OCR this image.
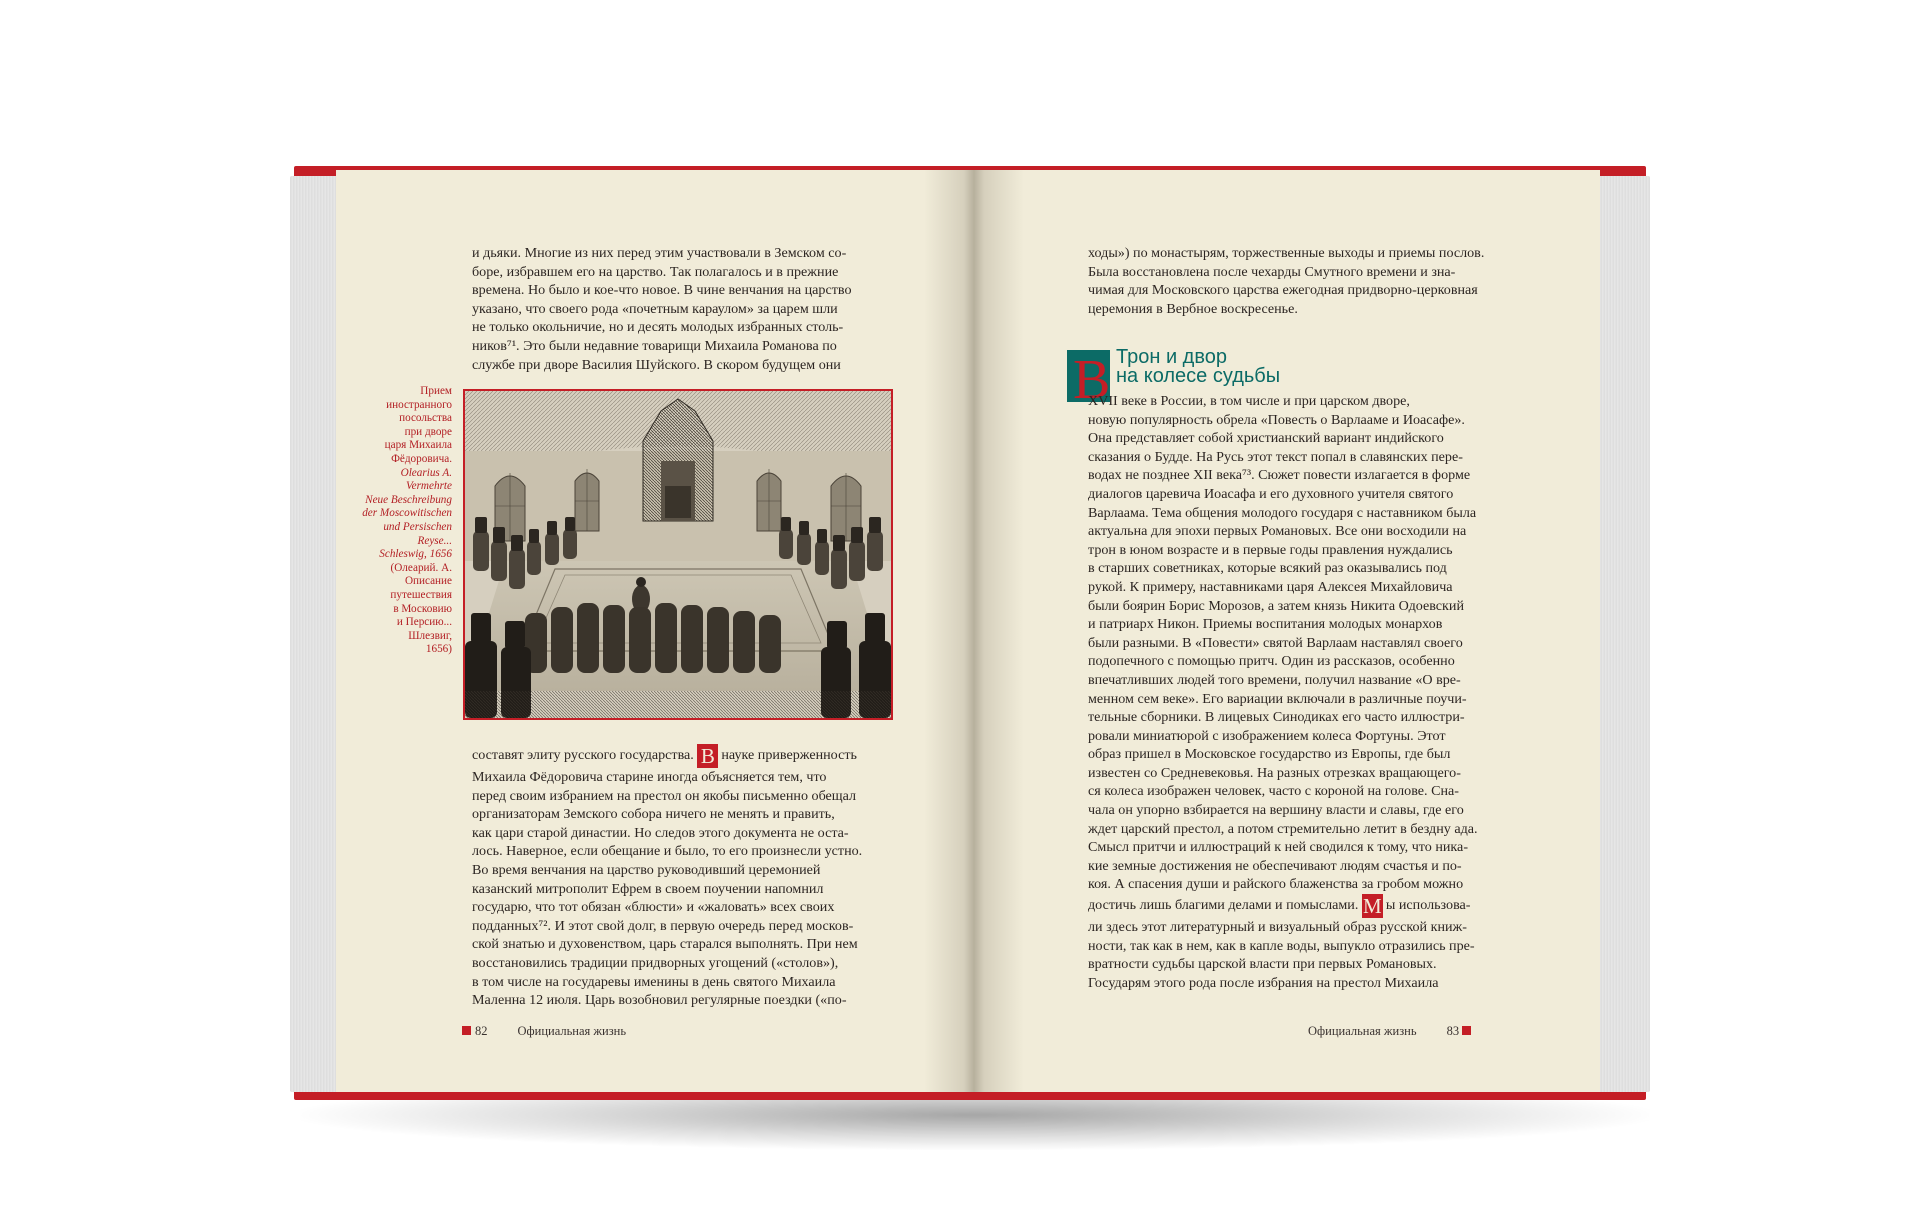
и дьяки. Многие из них перед этим участвовали в Земском со-
боре, избравшем его на царство. Так полагалось и в прежние
времена. Но было и кое-что новое. В чине венчания на царство
указано, что своего рода «почетным караулом» за царем шли
не только окольничие, но и десять молодых избранных столь-
ников⁷¹. Это были недавние товарищи Михаила Романова по
службе при дворе Василия Шуйского. В скором будущем они

Прием
иностранного
посольства
при дворе
царя Михаила
Фёдоровича.
Olearius A.
Vermehrte
Neue Beschreibung
der Moscowitischen
und Persischen
Reyse...
Schleswig, 1656
(Олеарий. А.
Описание
путешествия
в Московию
и Персию...
Шлезвиг,
1656)

составят элиту русского государства. В науке приверженность
Михаила Фёдоровича старине иногда объясняется тем, что
перед своим избранием на престол он якобы письменно обещал
организаторам Земского собора ничего не менять и править,
как цари старой династии. Но следов этого документа не оста-
лось. Наверное, если обещание и было, то его произнесли устно.
Во время венчания на царство руководивший церемонией
казанский митрополит Ефрем в своем поучении напомнил
государю, что тот обязан «блюсти» и «жаловать» всех своих
подданных⁷². И этот свой долг, в первую очередь перед москов-
ской знатью и духовенством, царь старался выполнять. При нем
восстановились традиции придворных угощений («столов»),
в том числе на государевы именины в день святого Михаила
Маленна 12 июля. Царь возобновил регулярные поездки («по-

82 Официальная жизнь

ходы») по монастырям, торжественные выходы и приемы послов.
Была восстановлена после чехарды Смутного времени и зна-
чимая для Московского царства ежегодная придворно-церковная
церемония в Вербное воскресенье.

В Трон и двор
на колесе судьбы

XVII веке в России, в том числе и при царском дворе,
новую популярность обрела «Повесть о Варлааме и Иоасафе».
Она представляет собой христианский вариант индийского
сказания о Будде. На Русь этот текст попал в славянских пере-
водах не позднее XII века⁷³. Сюжет повести излагается в форме
диалогов царевича Иоасафа и его духовного учителя святого
Варлаама. Тема общения молодого государя с наставником была
актуальна для эпохи первых Романовых. Все они восходили на
трон в юном возрасте и в первые годы правления нуждались
в старших советниках, которые всякий раз оказывались под
рукой. К примеру, наставниками царя Алексея Михайловича
были боярин Борис Морозов, а затем князь Никита Одоевский
и патриарх Никон. Приемы воспитания молодых монархов
были разными. В «Повести» святой Варлаам наставлял своего
подопечного с помощью притч. Один из рассказов, особенно
впечатливших людей того времени, получил название «О вре-
менном сем веке». Его вариации включали в различные поучи-
тельные сборники. В лицевых Синодиках его часто иллюстри-
ровали миниатюрой с изображением колеса Фортуны. Этот
образ пришел в Московское государство из Европы, где был
известен со Средневековья. На разных отрезках вращающего-
ся колеса изображен человек, часто с короной на голове. Сна-
чала он упорно взбирается на вершину власти и славы, где его
ждет царский престол, а потом стремительно летит в бездну ада.
Смысл притчи и иллюстраций к ней сводился к тому, что ника-
кие земные достижения не обеспечивают людям счастья и по-
коя. А спасения души и райского блаженства за гробом можно
достичь лишь благими делами и помыслами. М ы использова-
ли здесь этот литературный и визуальный образ русской книж-
ности, так как в нем, как в капле воды, выпукло отразились пре-
вратности судьбы царской власти при первых Романовых.
Государям этого рода после избрания на престол Михаила

Официальная жизнь 83
